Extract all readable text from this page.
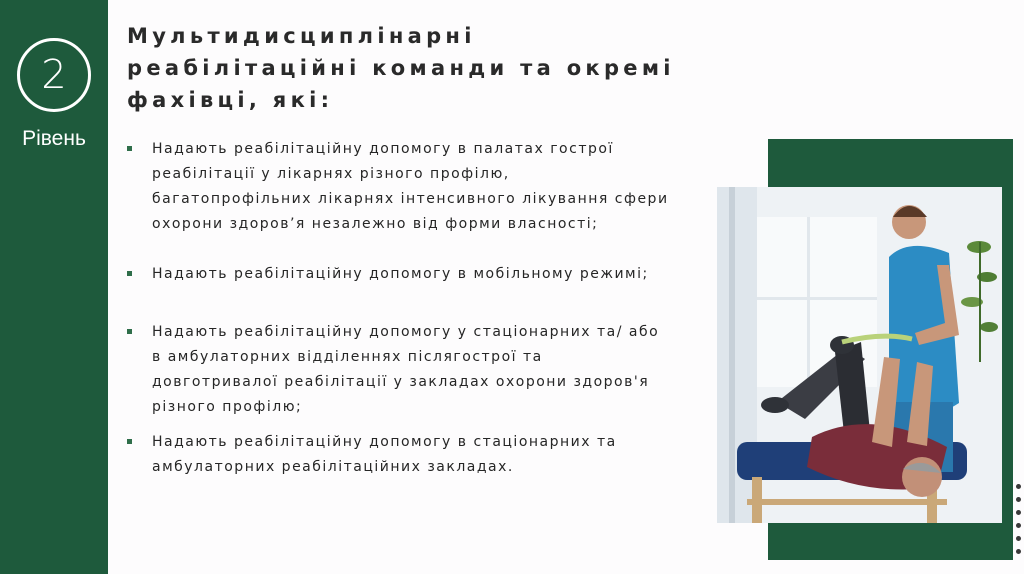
2
Рівень
Мультидисциплінарні
реабілітаційні команди та окремі
фахівці, які:
Надають реабілітаційну допомогу в палатах гострої
реабілітації у лікарнях різного профілю,
багатопрофільних лікарнях інтенсивного лікування сфери
охорони здоров’я незалежно від форми власності;
Надають реабілітаційну допомогу в мобільному режимі;
Надають реабілітаційну допомогу у стаціонарних та/ або
в амбулаторних відділеннях післягострої та
довготривалої реабілітації у закладах охорони здоров'я
різного профілю;
Надають реабілітаційну допомогу в стаціонарних та
амбулаторних реабілітаційних закладах.
